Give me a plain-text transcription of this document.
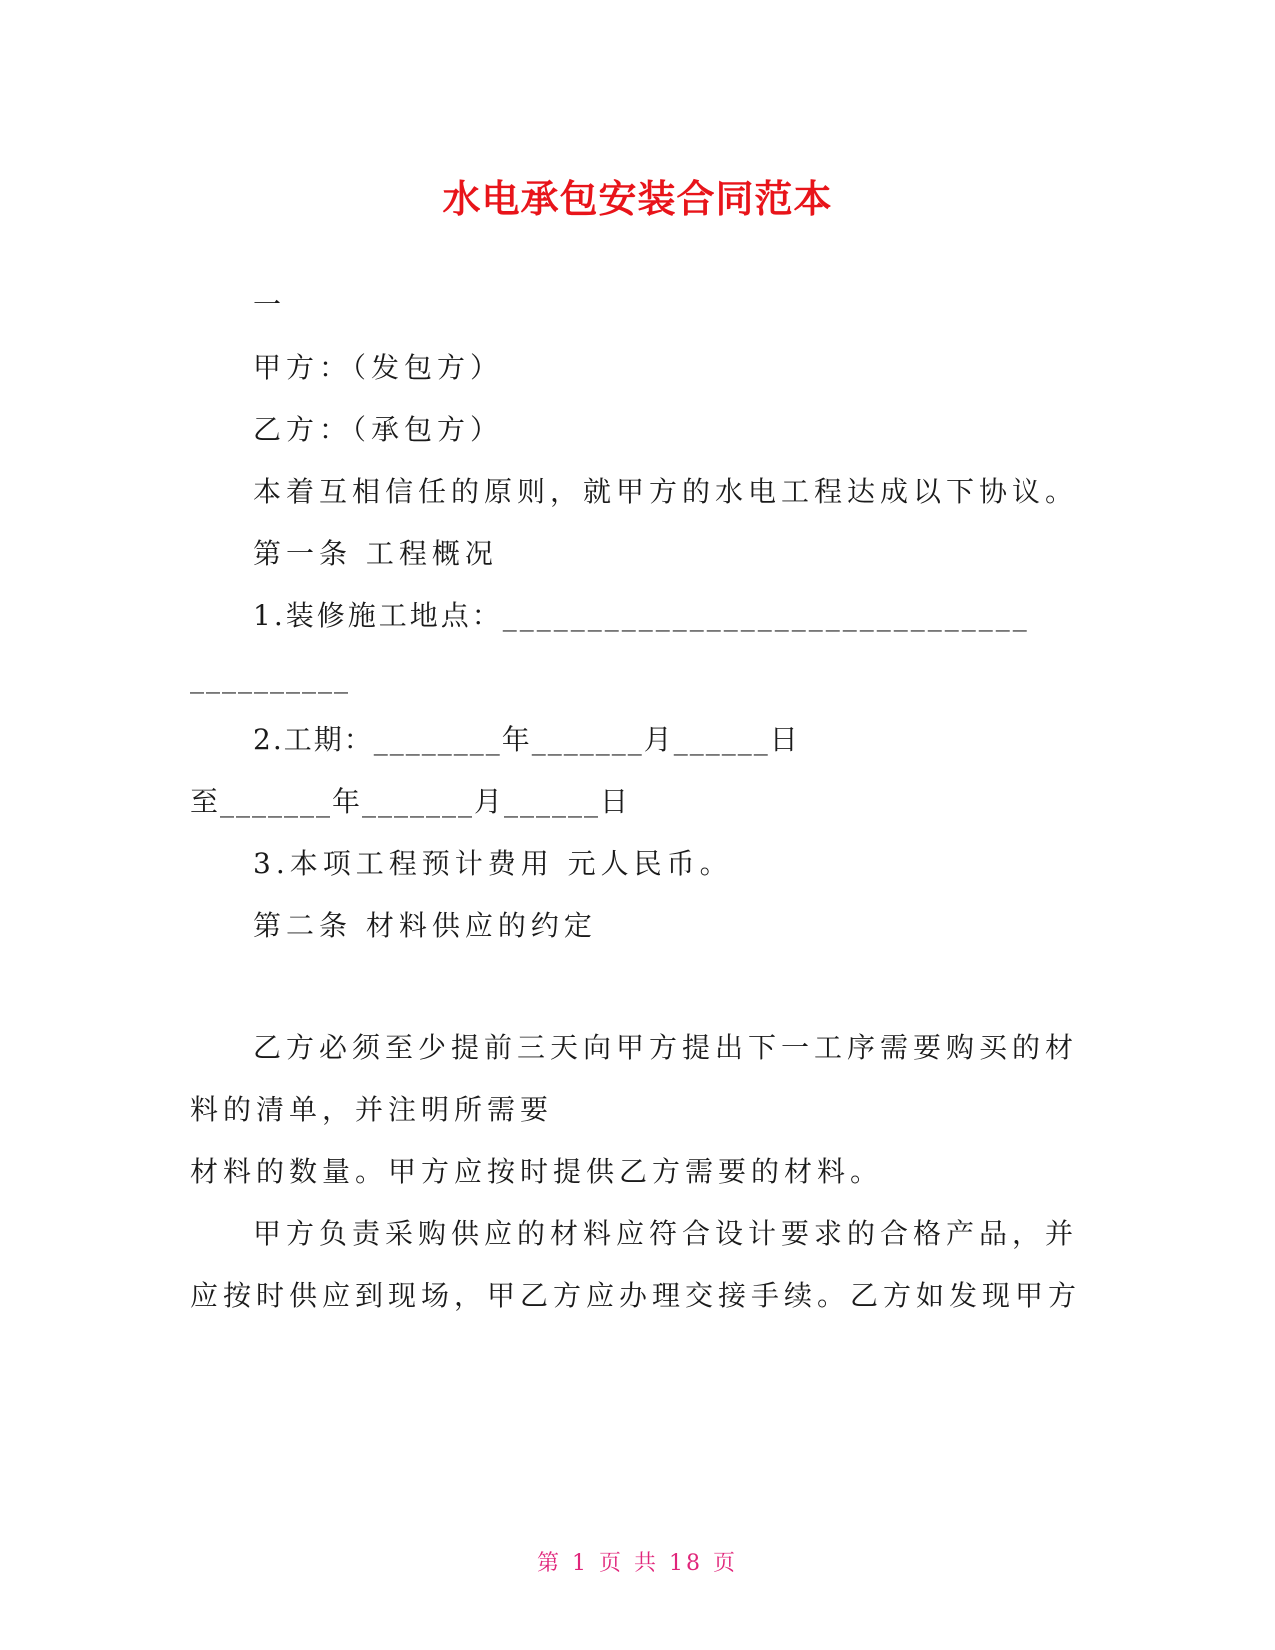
水电承包安装合同范本
一
甲方：（发包方）
乙方：（承包方）
本着互相信任的原则，就甲方的水电工程达成以下协议。
第一条 工程概况
1.装修施工地点：_______________________________
__________
2.工期：________年_______月______日
至_______年_______月______日
3.本项工程预计费用 元人民币。
第二条 材料供应的约定
乙方必须至少提前三天向甲方提出下一工序需要购买的材
料的清单，并注明所需要
材料的数量。甲方应按时提供乙方需要的材料。
甲方负责采购供应的材料应符合设计要求的合格产品，并
应按时供应到现场，甲乙方应办理交接手续。乙方如发现甲方
第 1 页 共 18 页
